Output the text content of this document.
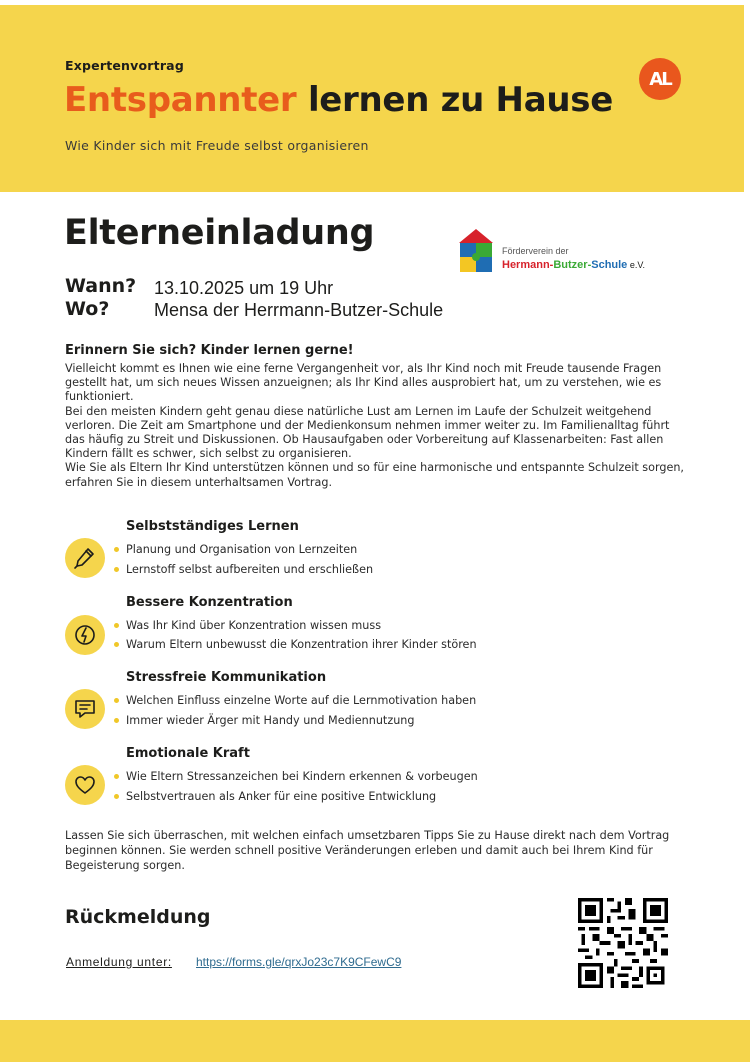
Expertenvortrag
Entspannter lernen zu Hause
Wie Kinder sich mit Freude selbst organisieren
AL
Elterneinladung	Förderverein der
Hermann-Butzer-Schule e.V.
Wann? 13.10.2025 um 19 Uhr
Wo? Mensa der Herrmann-Butzer-Schule
Erinnern Sie sich? Kinder lernen gerne!

Vielleicht kommt es Ihnen wie eine ferne Vergangenheit vor, als Ihr Kind noch mit Freude tausende Fragen gestellt hat, um sich neues Wissen anzueignen; als Ihr Kind alles ausprobiert hat, um zu verstehen, wie es funktioniert.

Bei den meisten Kindern geht genau diese natürliche Lust am Lernen im Laufe der Schulzeit weitgehend verloren. Die Zeit am Smartphone und der Medienkonsum nehmen immer weiter zu. Im Familienalltag führt das häufig zu Streit und Diskussionen. Ob Hausaufgaben oder Vorbereitung auf Klassenarbeiten: Fast allen Kindern fällt es schwer, sich selbst zu organisieren.

Wie Sie als Eltern Ihr Kind unterstützen können und so für eine harmonische und entspannte Schulzeit sorgen, erfahren Sie in diesem unterhaltsamen Vortrag.

Selbstständiges Lernen
Planung und Organisation von Lernzeiten
Lernstoff selbst aufbereiten und erschließen
Bessere Konzentration
Was Ihr Kind über Konzentration wissen muss
Warum Eltern unbewusst die Konzentration ihrer Kinder stören
Stressfreie Kommunikation
Welchen Einfluss einzelne Worte auf die Lernmotivation haben
Immer wieder Ärger mit Handy und Mediennutzung
Emotionale Kraft
Wie Eltern Stressanzeichen bei Kindern erkennen & vorbeugen
Selbstvertrauen als Anker für eine positive Entwicklung
Lassen Sie sich überraschen, mit welchen einfach umsetzbaren Tipps Sie zu Hause direkt nach dem Vortrag beginnen können. Sie werden schnell positive Veränderungen erleben und damit auch bei Ihrem Kind für Begeisterung sorgen.
Rückmeldung
Anmeldung unter: https://forms.gle/qrxJo23c7K9CFewC9
